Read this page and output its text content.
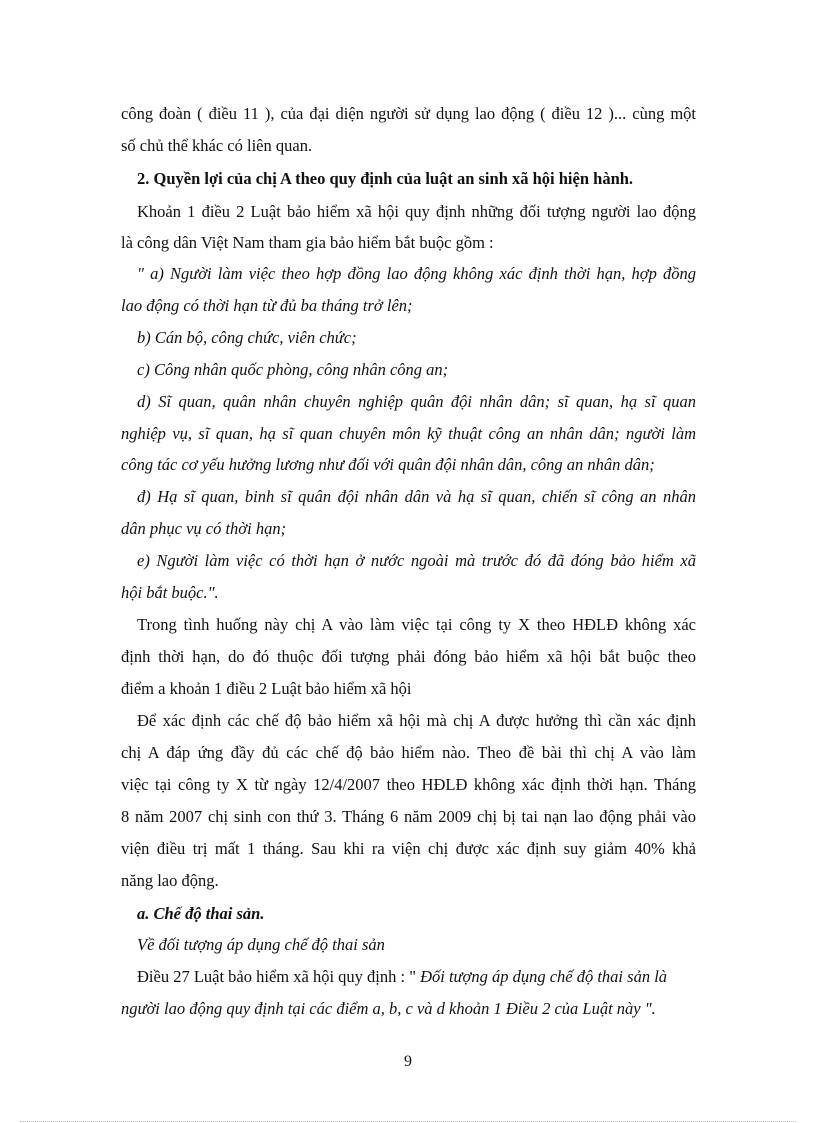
công đoàn ( điều 11 ), của đại diện người sử dụng lao động ( điều 12 )... cùng một
số chủ thể khác có liên quan.
2. Quyền lợi của chị A theo quy định của luật an sinh xã hội hiện hành.
Khoản 1 điều 2 Luật bảo hiểm xã hội quy định những đối tượng người lao động
là công dân Việt Nam tham gia bảo hiểm bắt buộc gồm :
" a) Người làm việc theo hợp đồng lao động không xác định thời hạn, hợp đồng
lao động có thời hạn từ đủ ba tháng trở lên;
b) Cán bộ, công chức, viên chức;
c) Công nhân quốc phòng, công nhân công an;
d) Sĩ quan, quân nhân chuyên nghiệp quân đội nhân dân; sĩ quan, hạ sĩ quan
nghiệp vụ, sĩ quan, hạ sĩ quan chuyên môn kỹ thuật công an nhân dân; người làm
công tác cơ yếu hưởng lương như đối với quân đội nhân dân, công an nhân dân;
đ) Hạ sĩ quan, binh sĩ quân đội nhân dân và hạ sĩ quan, chiến sĩ công an nhân
dân phục vụ có thời hạn;
e) Người làm việc có thời hạn ở nước ngoài mà trước đó đã đóng bảo hiểm xã
hội bắt buộc.".
Trong tình huống này chị A vào làm việc tại công ty X theo HĐLĐ không xác
định thời hạn, do đó thuộc đối tượng phải đóng bảo hiểm xã hội bắt buộc theo
điểm a khoản 1 điều 2 Luật bảo hiểm xã hội
Để xác định các chế độ bảo hiểm xã hội mà chị A được hưởng thì cần xác định
chị A đáp ứng đầy đủ các chế độ bảo hiểm nào. Theo đề bài thì chị A vào làm
việc tại công ty X từ ngày 12/4/2007 theo HĐLĐ không xác định thời hạn. Tháng
8 năm 2007 chị sinh con thứ 3. Tháng 6 năm 2009 chị bị tai nạn lao động phải vào
viện điều trị mất 1 tháng. Sau khi ra viện chị được xác định suy giảm 40% khả
năng lao động.
a. Chế độ thai sản.
Về đối tượng áp dụng chế độ thai sản
Điều 27 Luật bảo hiểm xã hội quy định : " Đối tượng áp dụng chế độ thai sản là
người lao động quy định tại các điểm a, b, c và d khoản 1 Điều 2 của Luật này ".
9
